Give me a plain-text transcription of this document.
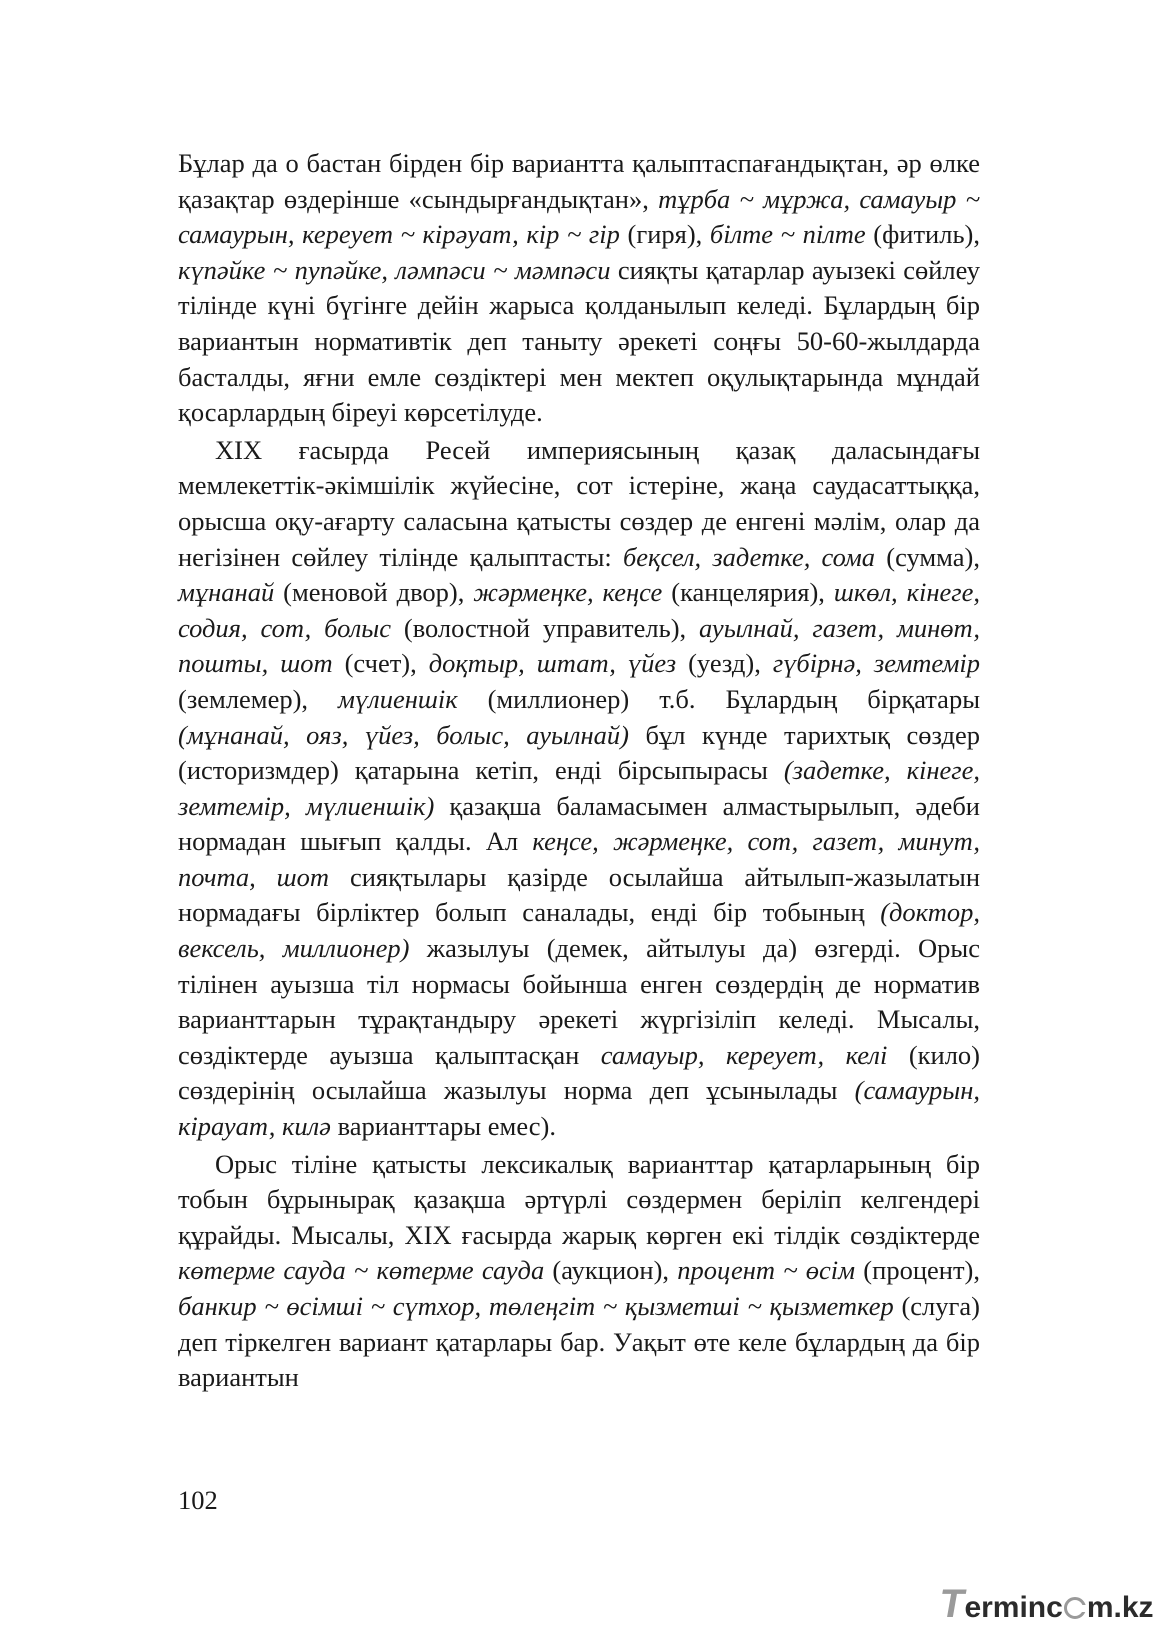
Бұлар да о бастан бірден бір вариантта қалыптаспағандықтан, әр өлке қазақтар өздерінше «сындырғандықтан», тұрба ~ мұржа, самауыр ~ самаурын, кереует ~ кірәуат, кір ~ гір (гиря), білте ~ пілте (фитиль), күпәйке ~ пупәйке, ләмпәси ~ мәмпәси сияқты қатарлар ауызекі сөйлеу тілінде күні бүгінге дейін жарыса қолданылып келеді. Бұлардың бір вариантын нормативтік деп таныту әрекеті соңғы 50-60-жылдарда басталды, яғни емле сөздіктері мен мектеп оқулықтарында мұндай қосарлардың біреуі көрсетілуде.

XIX ғасырда Ресей империясының қазақ даласындағы мемлекеттік-әкімшілік жүйесіне, сот істеріне, жаңа саудасаттыққа, орысша оқу-ағарту саласына қатысты сөздер де енгені мәлім, олар да негізінен сөйлеу тілінде қалыптасты: беқсел, задетке, сома (сумма), мұнанай (меновой двор), жәрмеңке, кеңсе (канцелярия), шкөл, кінеге, содия, сот, болыс (волостной управитель), ауылнай, газет, минөт, пошты, шот (счет), доқтыр, штат, үйез (уезд), гүбірнә, земтемір (землемер), мүлиеншік (миллионер) т.б. Бұлардың бірқатары (мұнанай, ояз, үйез, болыс, ауылнай) бұл күнде тарихтық сөздер (историзмдер) қатарына кетіп, енді бірсыпырасы (задетке, кінеге, земтемір, мүлиеншік) қазақша баламасымен алмастырылып, әдеби нормадан шығып қалды. Ал кеңсе, жәрмеңке, сот, газет, минут, почта, шот сияқтылары қазірде осылайша айтылып-жазылатын нормадағы бірліктер болып саналады, енді бір тобының (доктор, вексель, миллионер) жазылуы (демек, айтылуы да) өзгерді. Орыс тілінен ауызша тіл нормасы бойынша енген сөздердің де норматив варианттарын тұрақтандыру әрекеті жүргізіліп келеді. Мысалы, сөздіктерде ауызша қалыптасқан самауыр, кереует, келі (кило) сөздерінің осылайша жазылуы норма деп ұсынылады (самаурын, кірауат, килә варианттары емес).

Орыс тіліне қатысты лексикалық варианттар қатарларының бір тобын бұрынырақ қазақша әртүрлі сөздермен беріліп келгендері құрайды. Мысалы, XIX ғасырда жарық көрген екі тілдік сөздіктерде көтерме сауда ~ көтерме сауда (аукцион), процент ~ өсім (процент), банкир ~ өсімші ~ сүтхор, төлеңгіт ~ қызметші ~ қызметкер (слуга) деп тіркелген вариант қатарлары бар. Уақыт өте келе бұлардың да бір вариантын

102
Terminc m.kz
